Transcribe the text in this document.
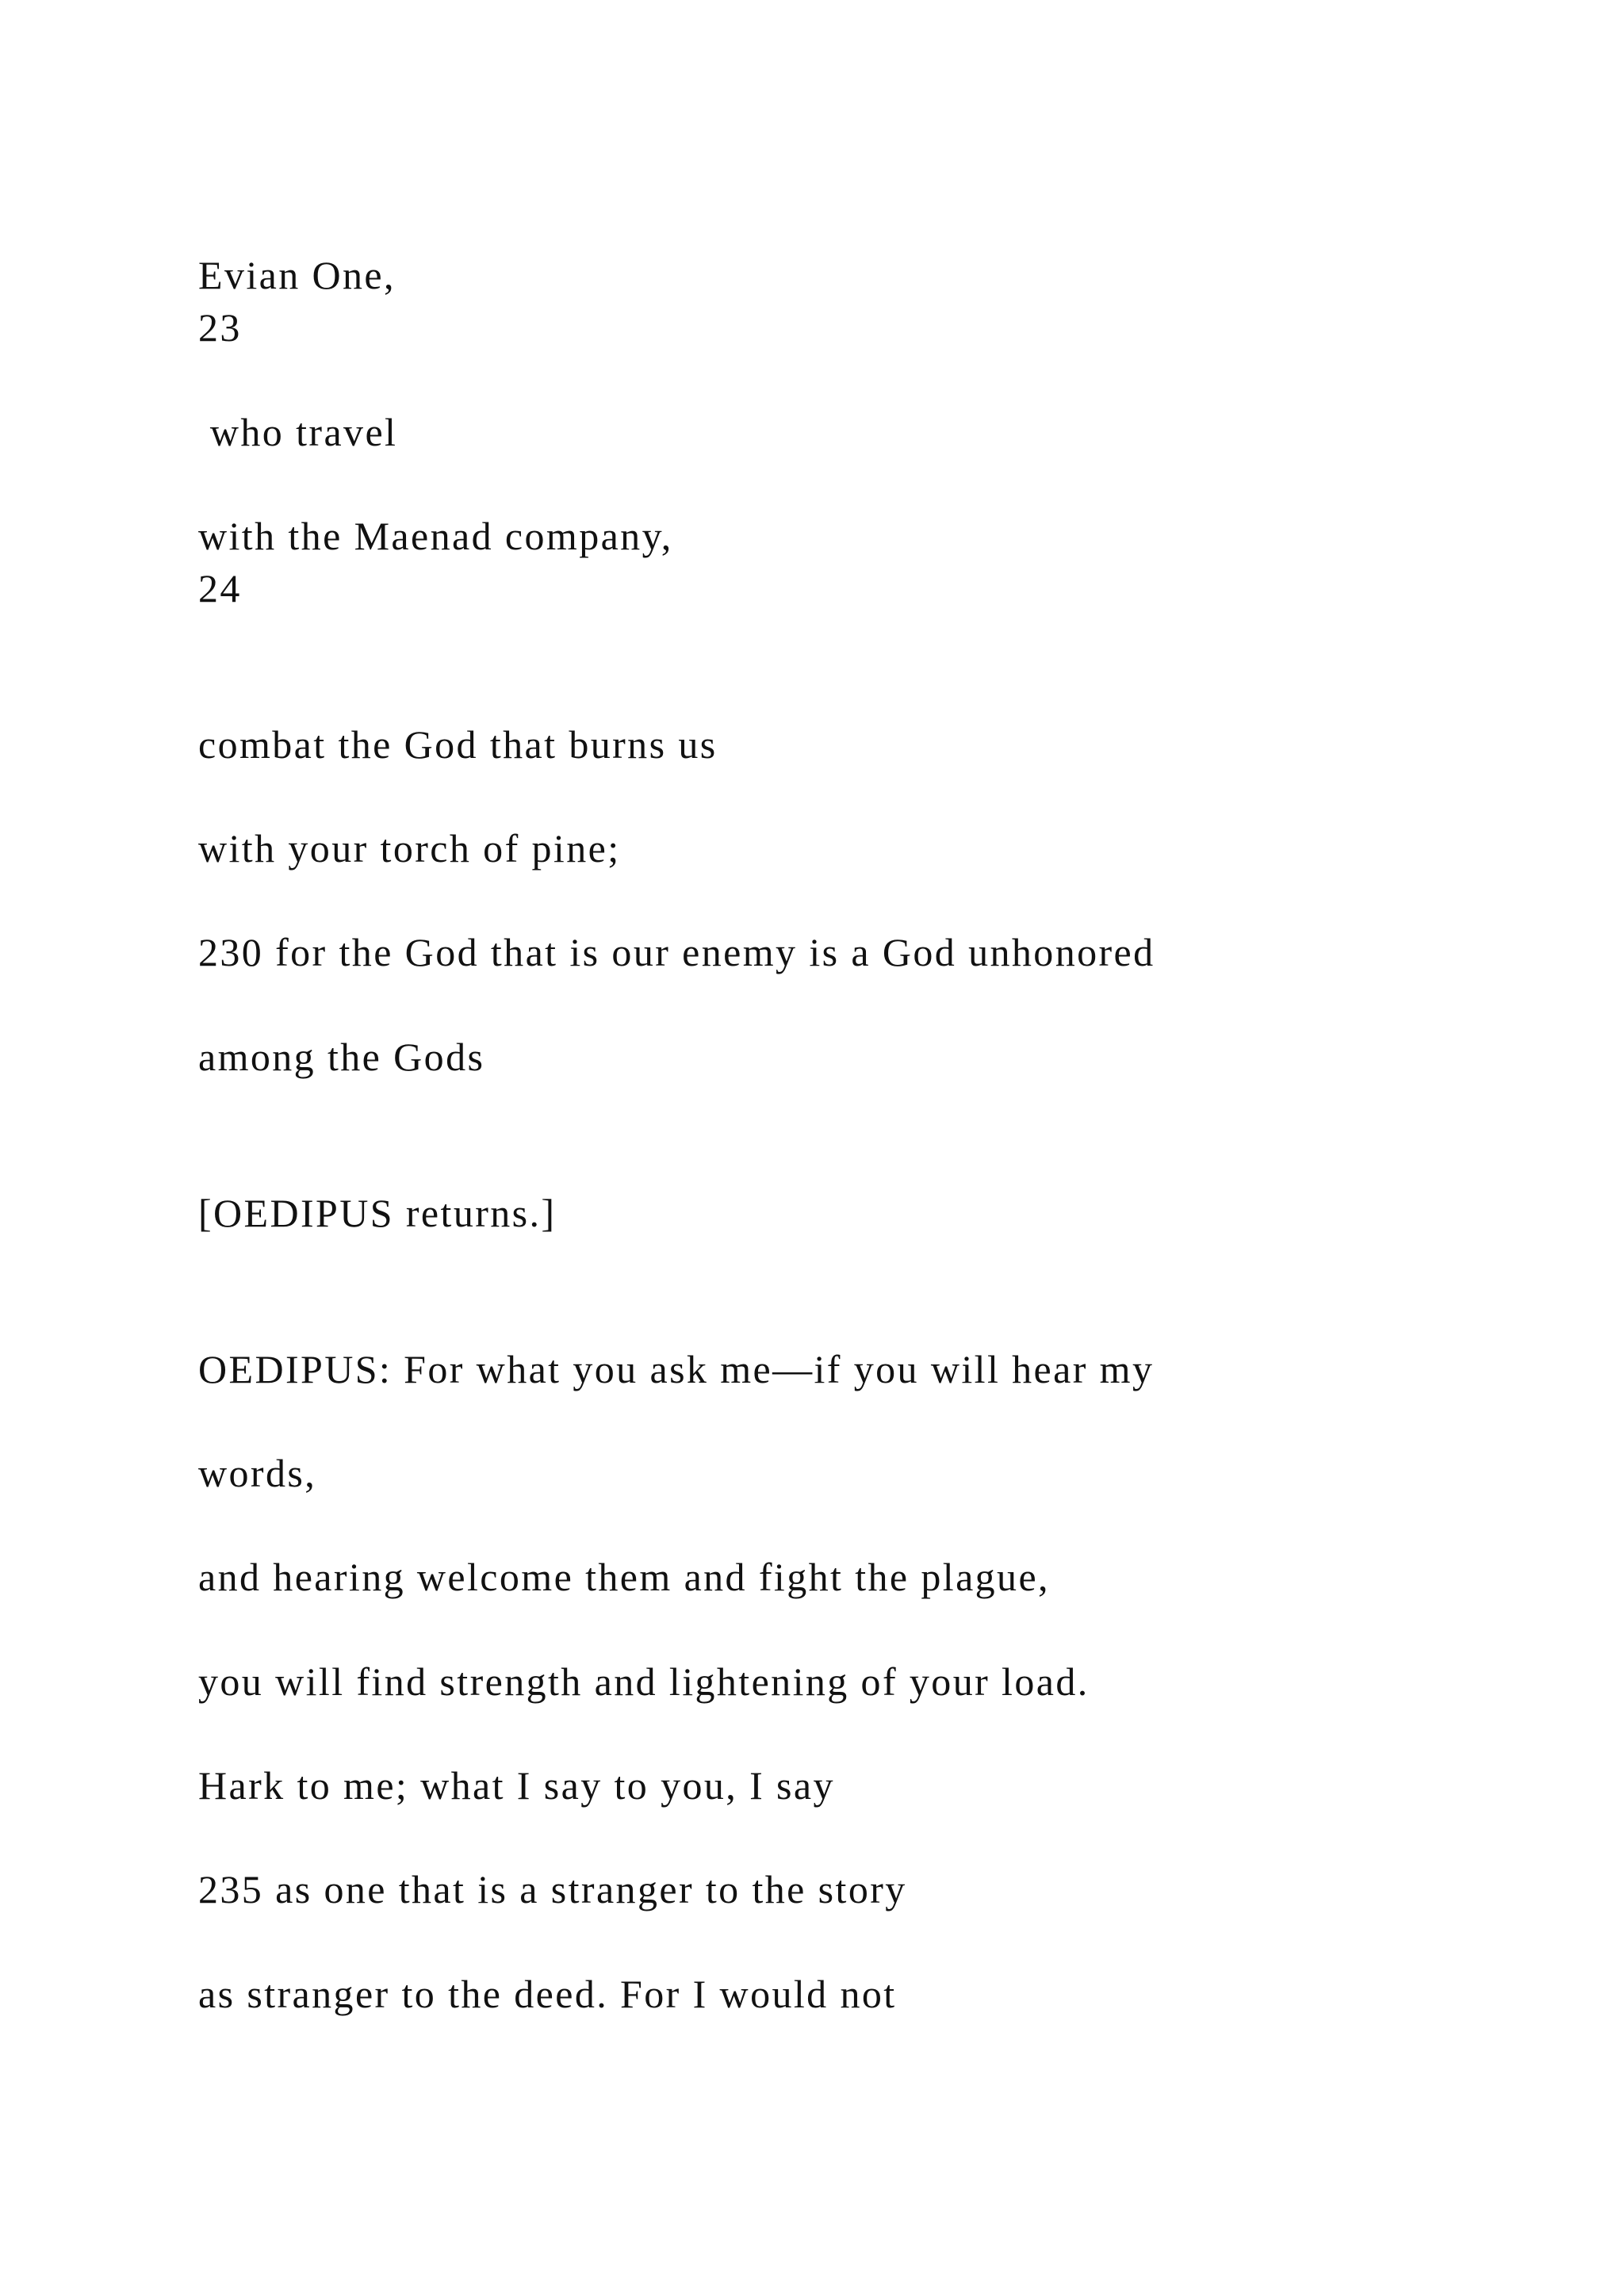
Evian One,
23
who travel
with the Maenad company,
24
combat the God that burns us
with your torch of pine;
230 for the God that is our enemy is a God unhonored
among the Gods
[OEDIPUS returns.]
OEDIPUS: For what you ask me—if you will hear my
words,
and hearing welcome them and fight the plague,
you will find strength and lightening of your load.
Hark to me; what I say to you, I say
235 as one that is a stranger to the story
as stranger to the deed. For I would not
